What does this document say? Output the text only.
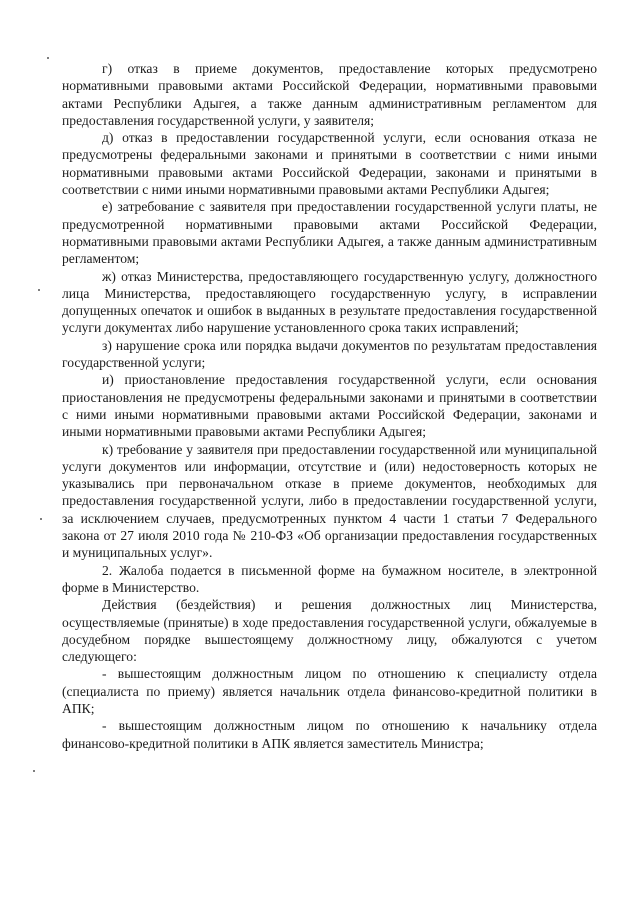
г) отказ в приеме документов, предоставление которых предусмотрено нормативными правовыми актами Российской Федерации, нормативными правовыми актами Республики Адыгея, а также данным административным регламентом для предоставления государственной услуги, у заявителя;

д) отказ в предоставлении государственной услуги, если основания отказа не предусмотрены федеральными законами и принятыми в соответствии с ними иными нормативными правовыми актами Российской Федерации, законами и принятыми в соответствии с ними иными нормативными правовыми актами Республики Адыгея;

е) затребование с заявителя при предоставлении государственной услуги платы, не предусмотренной нормативными правовыми актами Российской Федерации, нормативными правовыми актами Республики Адыгея, а также данным административным регламентом;

ж) отказ Министерства, предоставляющего государственную услугу, должностного лица Министерства, предоставляющего государственную услугу, в исправлении допущенных опечаток и ошибок в выданных в результате предоставления государственной услуги документах либо нарушение установленного срока таких исправлений;

з) нарушение срока или порядка выдачи документов по результатам предоставления государственной услуги;

и) приостановление предоставления государственной услуги, если основания приостановления не предусмотрены федеральными законами и принятыми в соответствии с ними иными нормативными правовыми актами Российской Федерации, законами и иными нормативными правовыми актами Республики Адыгея;

к) требование у заявителя при предоставлении государственной или муниципальной услуги документов или информации, отсутствие и (или) недостоверность которых не указывались при первоначальном отказе в приеме документов, необходимых для предоставления государственной услуги, либо в предоставлении государственной услуги, за исключением случаев, предусмотренных пунктом 4 части 1 статьи 7 Федерального закона от 27 июля 2010 года № 210-ФЗ «Об организации предоставления государственных и муниципальных услуг».

2. Жалоба подается в письменной форме на бумажном носителе, в электронной форме в Министерство.

Действия (бездействия) и решения должностных лиц Министерства, осуществляемые (принятые) в ходе предоставления государственной услуги, обжалуемые в досудебном порядке вышестоящему должностному лицу, обжалуются с учетом следующего:

- вышестоящим должностным лицом по отношению к специалисту отдела (специалиста по приему) является начальник отдела финансово-кредитной политики в АПК;

- вышестоящим должностным лицом по отношению к начальнику отдела финансово-кредитной политики в АПК является заместитель Министра;
